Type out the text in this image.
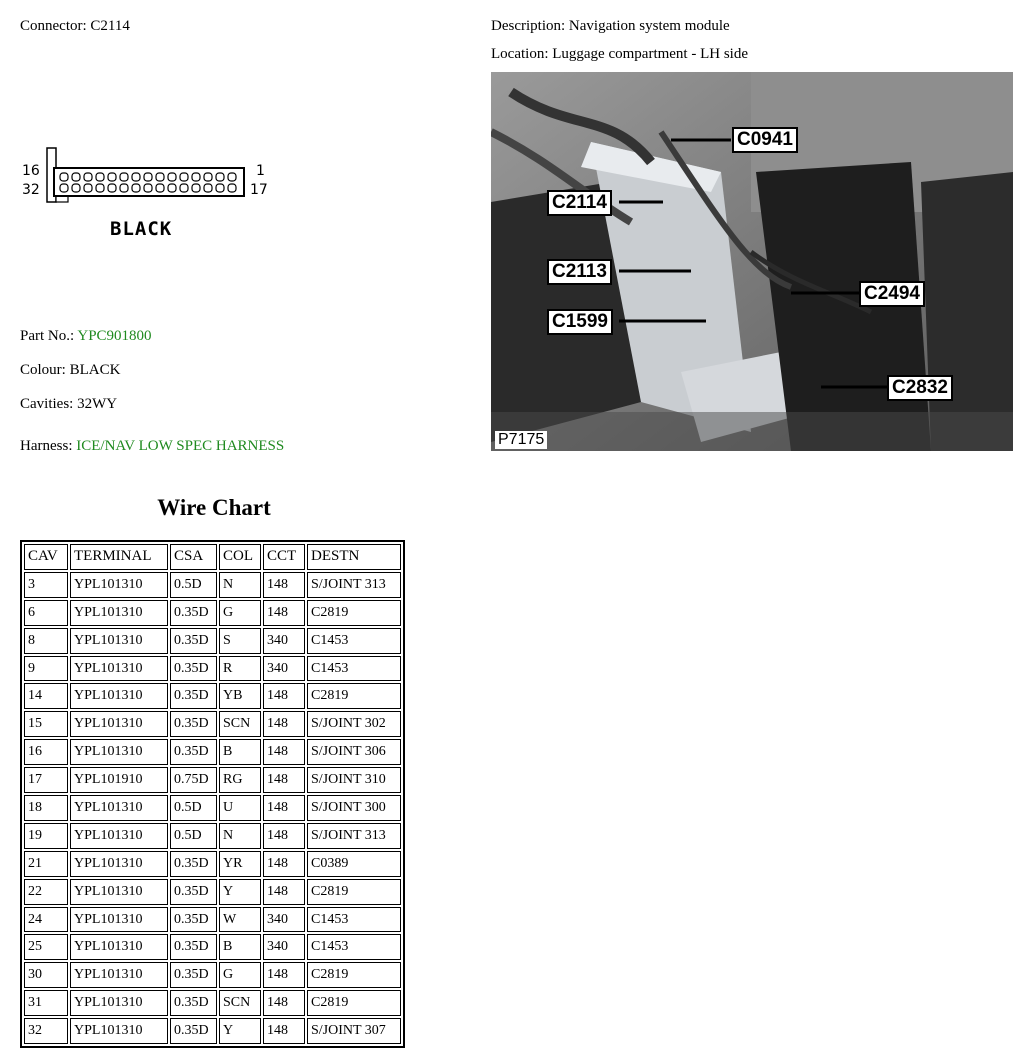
Connector: C2114	Description: Navigation system module
Location: Luggage compartment - LH side
16
32
1
17
BLACK
Part No.: YPC901800
Colour: BLACK
Cavities: 32WY
Harness: ICE/NAV LOW SPEC HARNESS
C0941
C2114
C2113
C1599
C2494
C2832
P7175
Wire Chart
CAV	TERMINAL	CSA	COL	CCT	DESTN
3	YPL101310	0.5D	N	148	S/JOINT 313
6	YPL101310	0.35D	G	148	C2819
8	YPL101310	0.35D	S	340	C1453
9	YPL101310	0.35D	R	340	C1453
14	YPL101310	0.35D	YB	148	C2819
15	YPL101310	0.35D	SCN	148	S/JOINT 302
16	YPL101310	0.35D	B	148	S/JOINT 306
17	YPL101910	0.75D	RG	148	S/JOINT 310
18	YPL101310	0.5D	U	148	S/JOINT 300
19	YPL101310	0.5D	N	148	S/JOINT 313
21	YPL101310	0.35D	YR	148	C0389
22	YPL101310	0.35D	Y	148	C2819
24	YPL101310	0.35D	W	340	C1453
25	YPL101310	0.35D	B	340	C1453
30	YPL101310	0.35D	G	148	C2819
31	YPL101310	0.35D	SCN	148	C2819
32	YPL101310	0.35D	Y	148	S/JOINT 307
